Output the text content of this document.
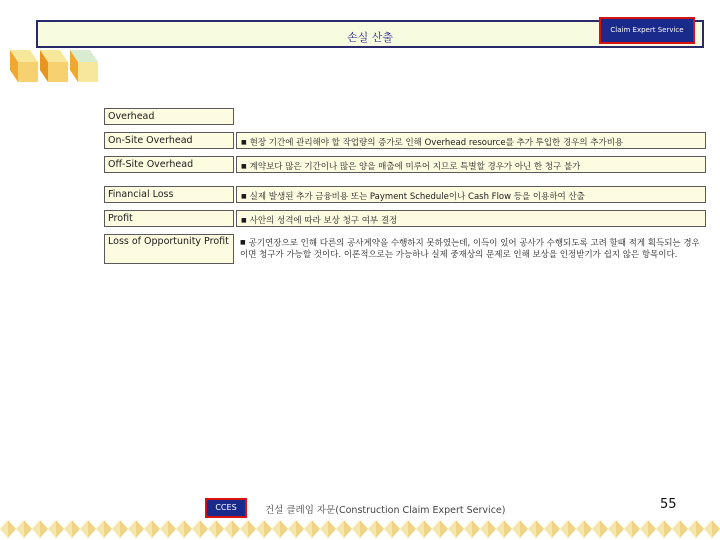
손실 산출
Claim Expert Service
Overhead
On-Site Overhead	■ 현장 기간에 관리해야 할 작업량의 증가로 인해 Overhead resource를 추가 투입한 경우의 추가비용
Off-Site Overhead	■ 계약보다 많은 기간이나 많은 양을 매출에 미루어 지므로 특별할 경우가 아닌 한 청구 불가
Financial Loss	■ 실제 발생된 추가 금융비용 또는 Payment Schedule이나 Cash Flow 등을 이용하여 산출
Profit	■ 사안의 성격에 따라 보상 청구 여부 결정
Loss of Opportunity Profit	■ 공기연장으로 인해 다른의 공사계약을 수행하지 못하였는데, 이득이 있어 공사가 수행되도록 고려 할때 적게 획득되는 경우이면 청구가 가능할 것이다. 이론적으로는 가능하나 실제 중재상의 문제로 인해 보상을 인정받기가 쉽지 않은 항목이다.
CCES	건설 클레임 자문(Construction Claim Expert Service)	55
